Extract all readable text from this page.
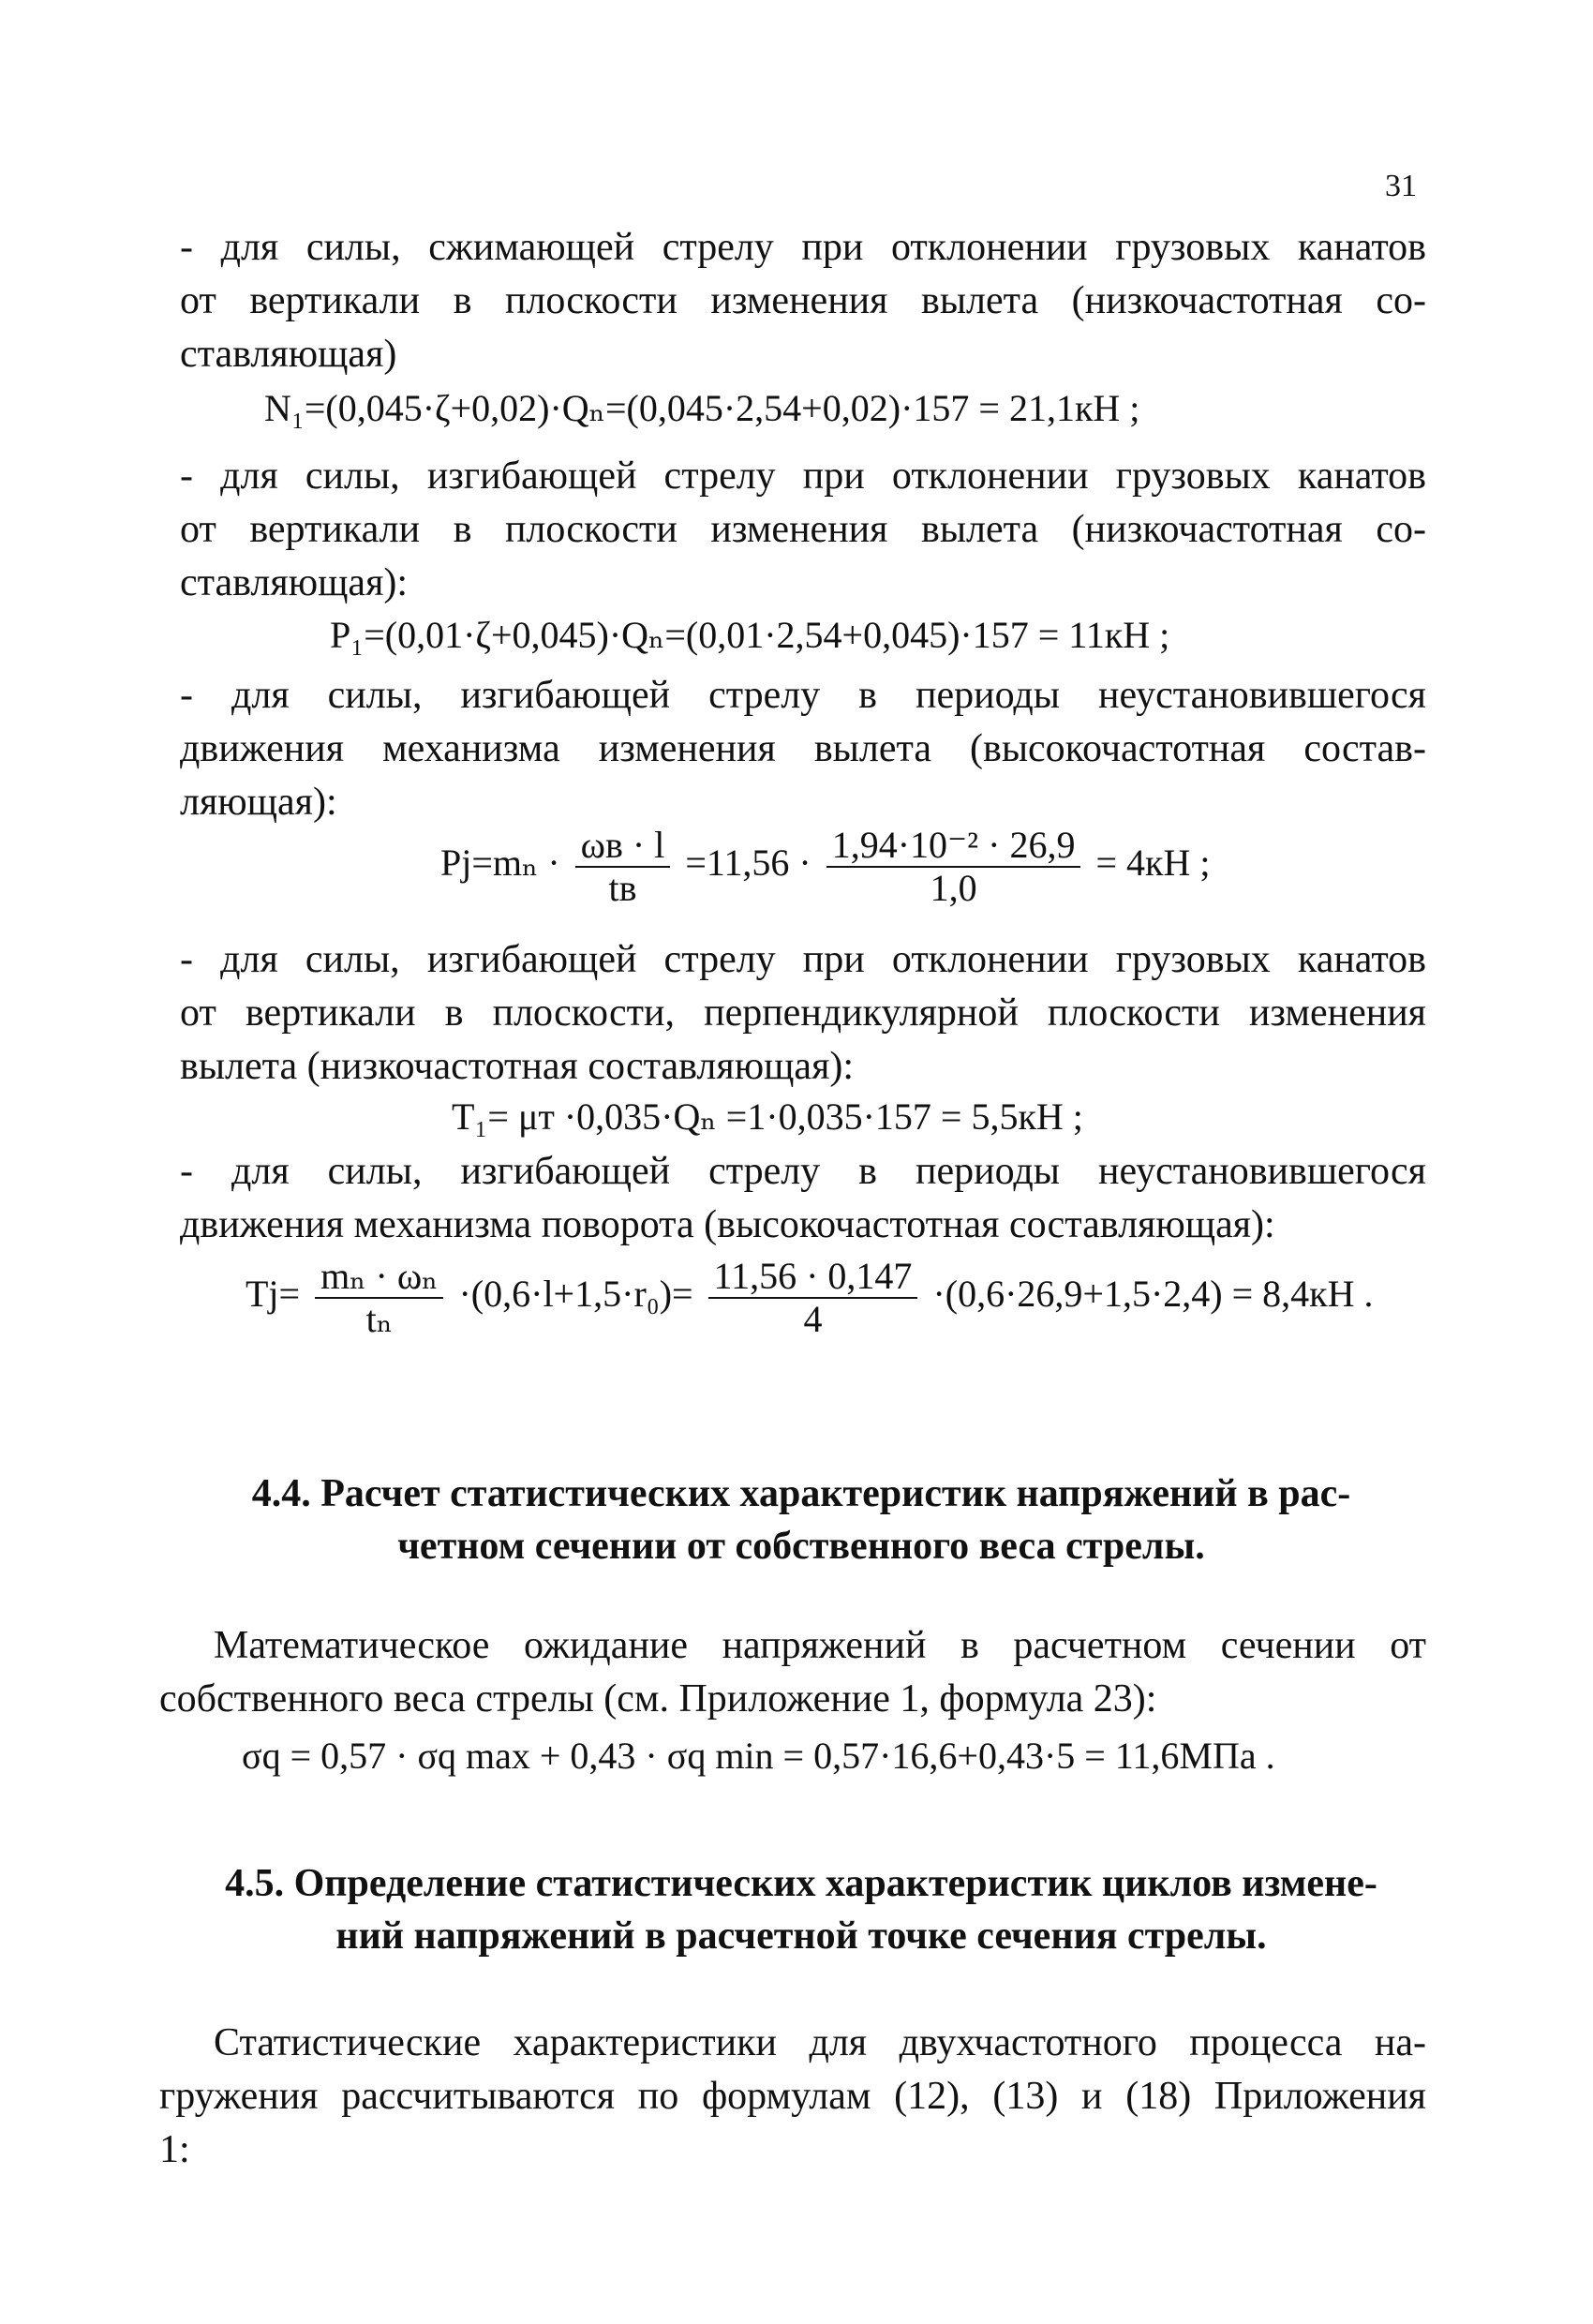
31
- для силы, сжимающей стрелу при отклонении грузовых канатов
от вертикали в плоскости изменения вылета (низкочастотная со-
ставляющая)
N₁=(0,045·ζ+0,02)·Qₙ=(0,045·2,54+0,02)·157 = 21,1кН ;
- для силы, изгибающей стрелу при отклонении грузовых канатов
от вертикали в плоскости изменения вылета (низкочастотная со-
ставляющая):
P₁=(0,01·ζ+0,045)·Qₙ=(0,01·2,54+0,045)·157 = 11кН ;
- для силы, изгибающей стрелу в периоды неустановившегося
движения механизма изменения вылета (высокочастотная состав-
ляющая):
$Pj=m_n \cdot \frac{\omega в \cdot l}{tв} =11,56 \cdot \frac{\text{1,94·10⁻² · 26,9}}{1,0} = 4кН$ ;
- для силы, изгибающей стрелу при отклонении грузовых канатов
от вертикали в плоскости, перпендикулярной плоскости изменения
вылета (низкочастотная составляющая):
T₁= μт ·0,035·Qₙ =1·0,035·157 = 5,5кН ;
- для силы, изгибающей стрелу в периоды неустановившегося
движения механизма поворота (высокочастотная составляющая):
$Tj= \frac{\text{mₙ · ωₙ}}{\text{tₙ}} \cdot(0,6\cdot l+1,5\cdot r_0)= \frac{11,56 \cdot 0,147}{4} \cdot(0,6\cdot 26,9+1,5\cdot 2,4) = 8,4кН$ .
4.4. Расчет статистических характеристик напряжений в рас-
четном сечении от собственного веса стрелы.
Математическое ожидание напряжений в расчетном сечении от
собственного веса стрелы (см. Приложение 1, формула 23):
σq = 0,57 · σq max + 0,43 · σq min = 0,57·16,6+0,43·5 = 11,6МПа .
4.5. Определение статистических характеристик циклов измене-
ний напряжений в расчетной точке сечения стрелы.
Статистические характеристики для двухчастотного процесса на-
гружения рассчитываются по формулам (12), (13) и (18) Приложения
1:
